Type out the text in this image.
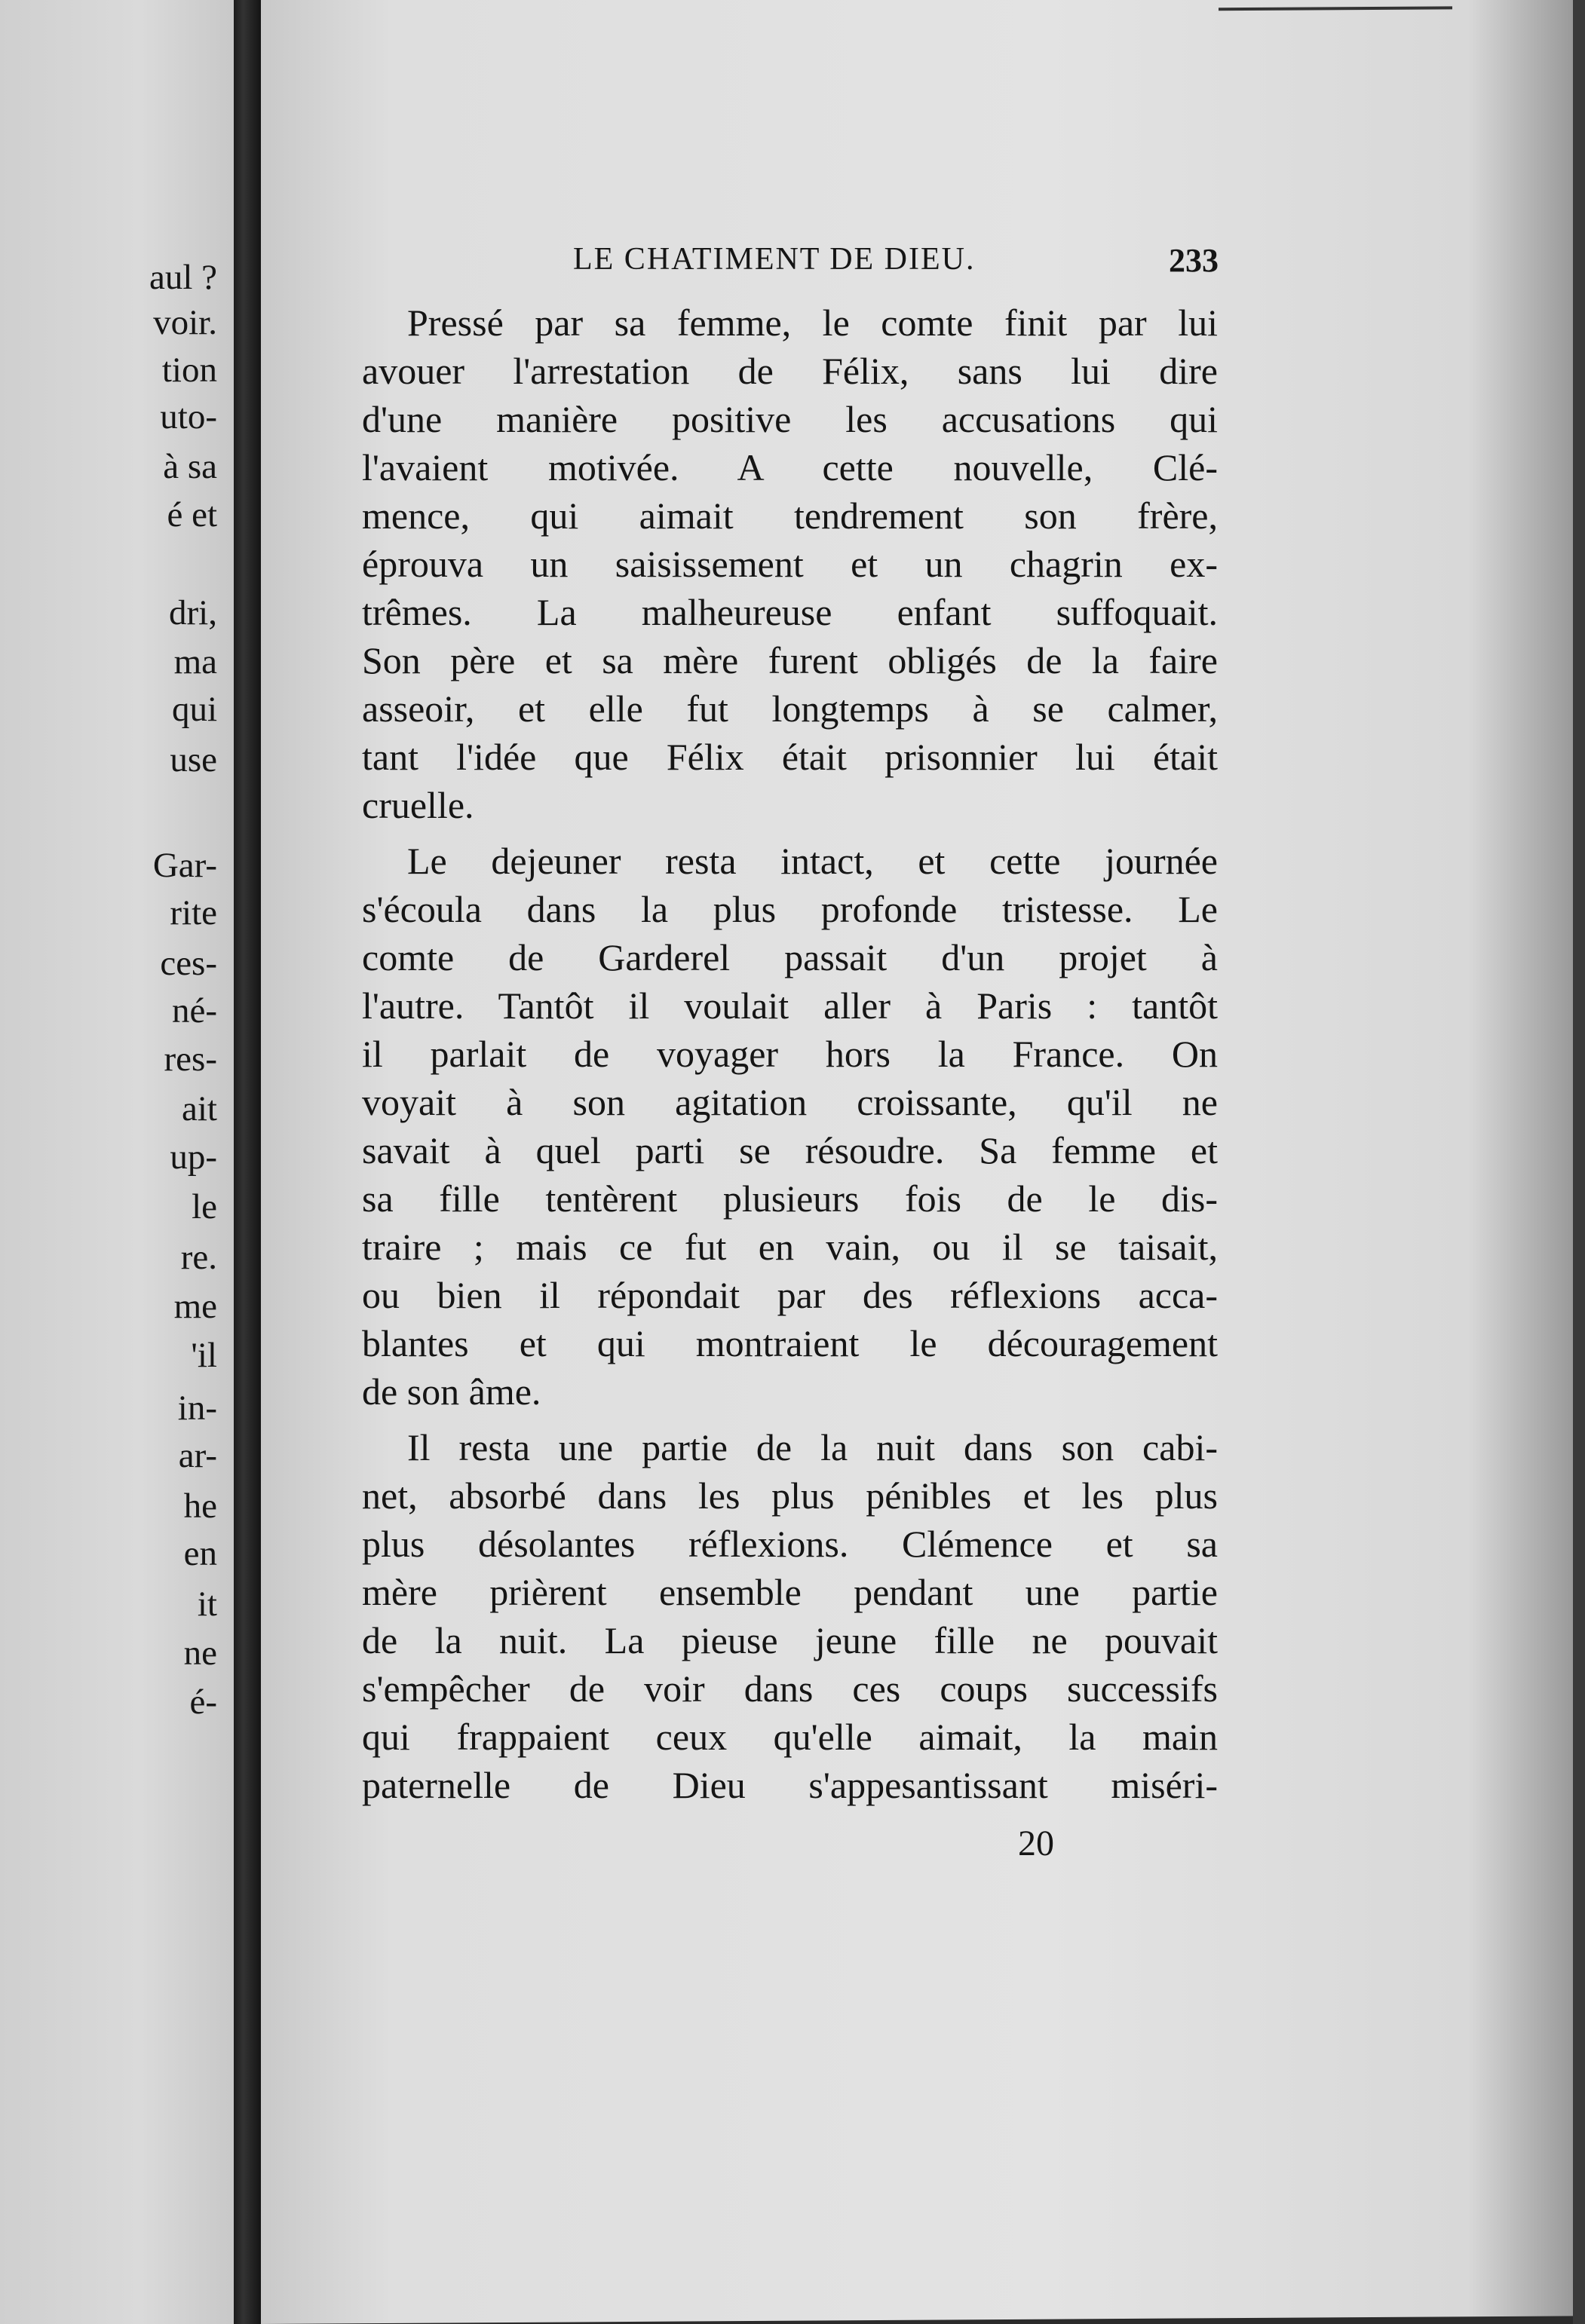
aul ?
voir.
tion
uto-
à sa
é et
dri,
ma
qui
use
Gar-
rite
ces-
né-
res-
ait
up-
le
re.
me
'il
in-
ar-
he
en
it
ne
é-
LE CHATIMENT DE DIEU.	233
Pressé par sa femme, le comte finit par lui
avouer l'arrestation de Félix, sans lui dire
d'une manière positive les accusations qui
l'avaient motivée. A cette nouvelle, Clé-
mence, qui aimait tendrement son frère,
éprouva un saisissement et un chagrin ex-
trêmes. La malheureuse enfant suffoquait.
Son père et sa mère furent obligés de la faire
asseoir, et elle fut longtemps à se calmer,
tant l'idée que Félix était prisonnier lui était
cruelle.
Le dejeuner resta intact, et cette journée
s'écoula dans la plus profonde tristesse. Le
comte de Garderel passait d'un projet à
l'autre. Tantôt il voulait aller à Paris : tantôt
il parlait de voyager hors la France. On
voyait à son agitation croissante, qu'il ne
savait à quel parti se résoudre. Sa femme et
sa fille tentèrent plusieurs fois de le dis-
traire ; mais ce fut en vain, ou il se taisait,
ou bien il répondait par des réflexions acca-
blantes et qui montraient le découragement
de son âme.
Il resta une partie de la nuit dans son cabi-
net, absorbé dans les plus pénibles et les plus
plus désolantes réflexions. Clémence et sa
mère prièrent ensemble pendant une partie
de la nuit. La pieuse jeune fille ne pouvait
s'empêcher de voir dans ces coups successifs
qui frappaient ceux qu'elle aimait, la main
paternelle de Dieu s'appesantissant miséri-
20
